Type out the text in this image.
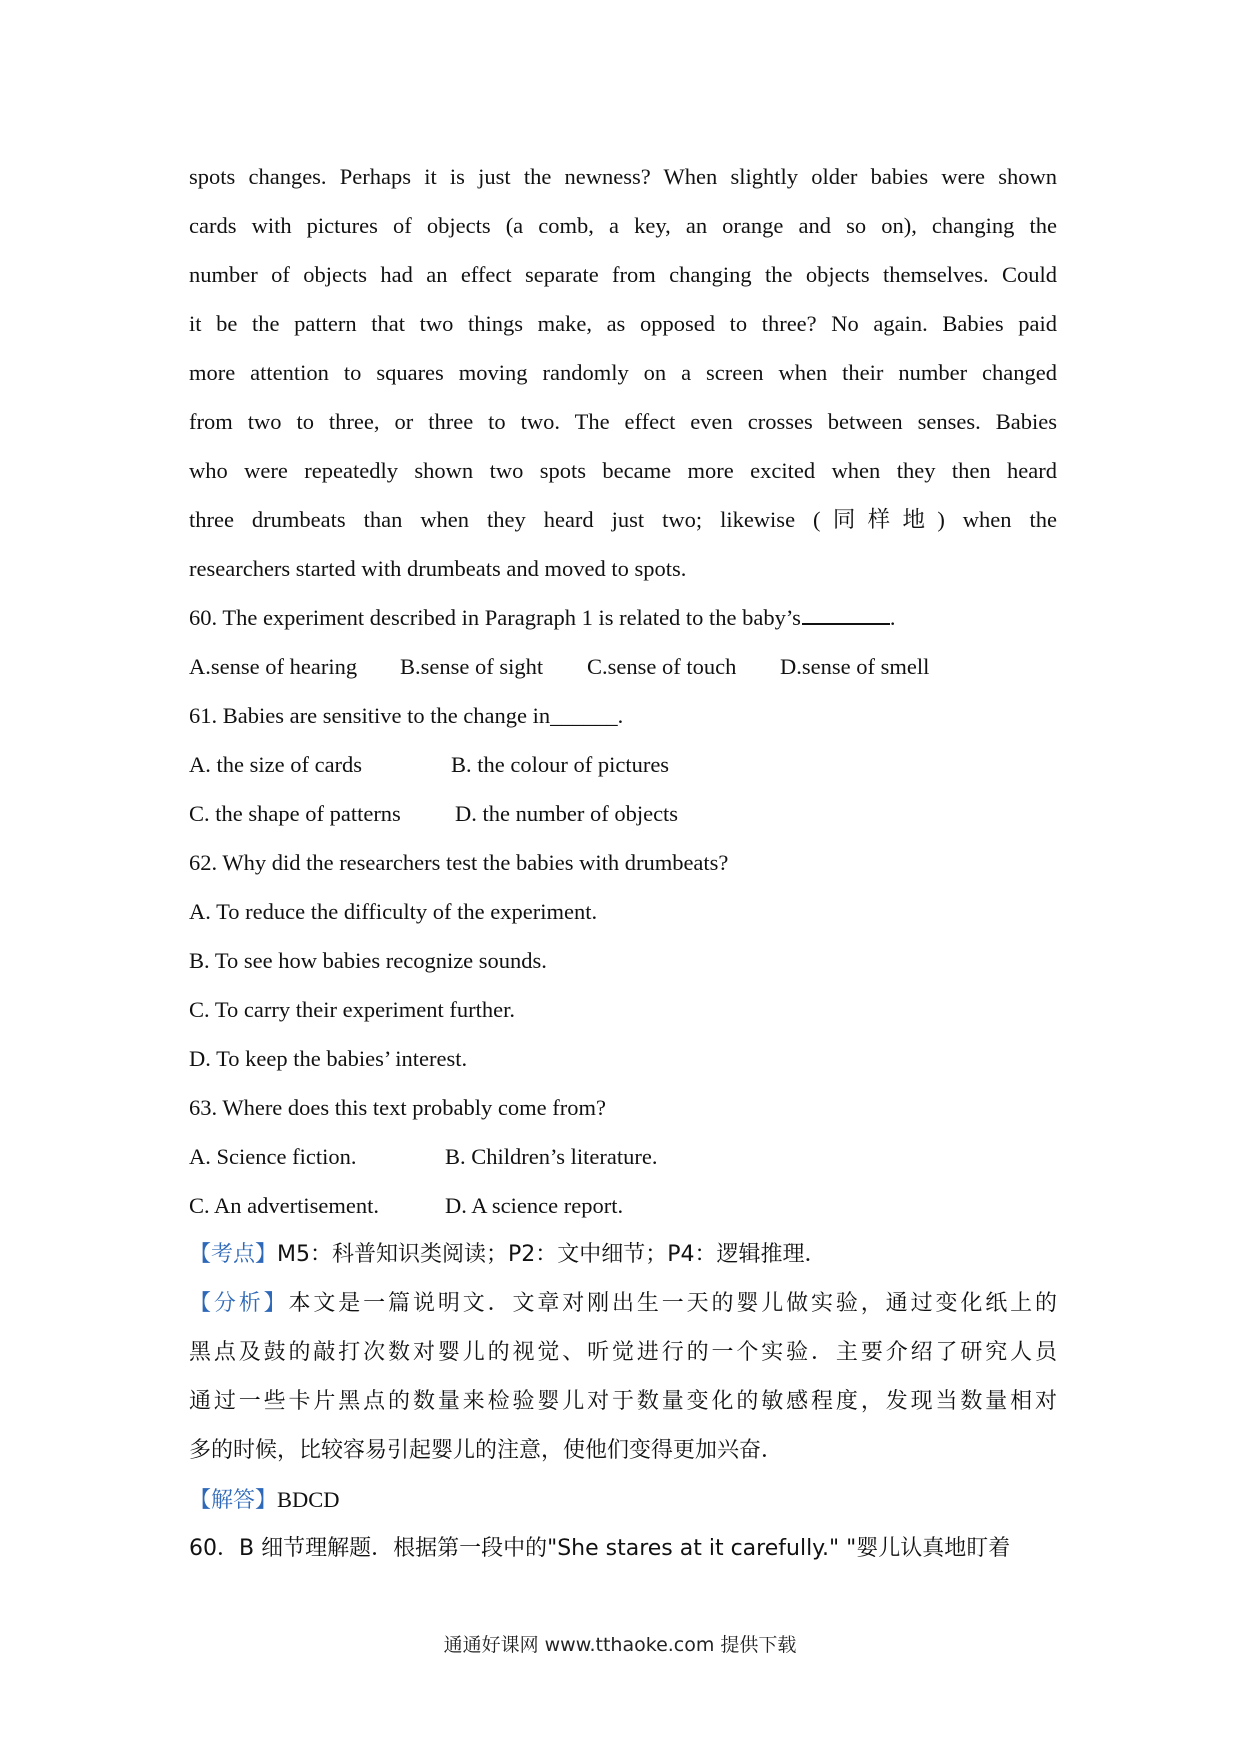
spots changes. Perhaps it is just the newness? When slightly older babies were shown
cards with pictures of objects (a comb, a key, an orange and so on), changing the
number of objects had an effect separate from changing the objects themselves. Could
it be the pattern that two things make, as opposed to three? No again. Babies paid
more attention to squares moving randomly on a screen when their number changed
from two to three, or three to two. The effect even crosses between senses. Babies
who were repeatedly shown two spots became more excited when they then heard
three drumbeats than when they heard just two; likewise (同样地) when the
researchers started with drumbeats and moved to spots.
60. The experiment described in Paragraph 1 is related to the baby’s	.
A.sense of hearing	B.sense of sight	C.sense of touch	D.sense of smell
61. Babies are sensitive to the change in______.
A. the size of cards	B. the colour of pictures
C. the shape of patterns	D. the number of objects
62. Why did the researchers test the babies with drumbeats?
A. To reduce the difficulty of the experiment.
B. To see how babies recognize sounds.
C. To carry their experiment further.
D. To keep the babies’ interest.
63. Where does this text probably come from?
A. Science fiction.	B. Children’s literature.
C. An advertisement.	D. A science report.
【考点】M5：科普知识类阅读；P2：文中细节；P4：逻辑推理．
【分析】本文是一篇说明文．文章对刚出生一天的婴儿做实验，通过变化纸上的
黑点及鼓的敲打次数对婴儿的视觉、听觉进行的一个实验．主要介绍了研究人员
通过一些卡片黑点的数量来检验婴儿对于数量变化的敏感程度，发现当数量相对
多的时候，比较容易引起婴儿的注意，使他们变得更加兴奋．
【解答】BDCD
60．B 细节理解题．根据第一段中的"She stares at it carefully." "婴儿认真地盯着
通通好课网 www.tthaoke.com 提供下载
